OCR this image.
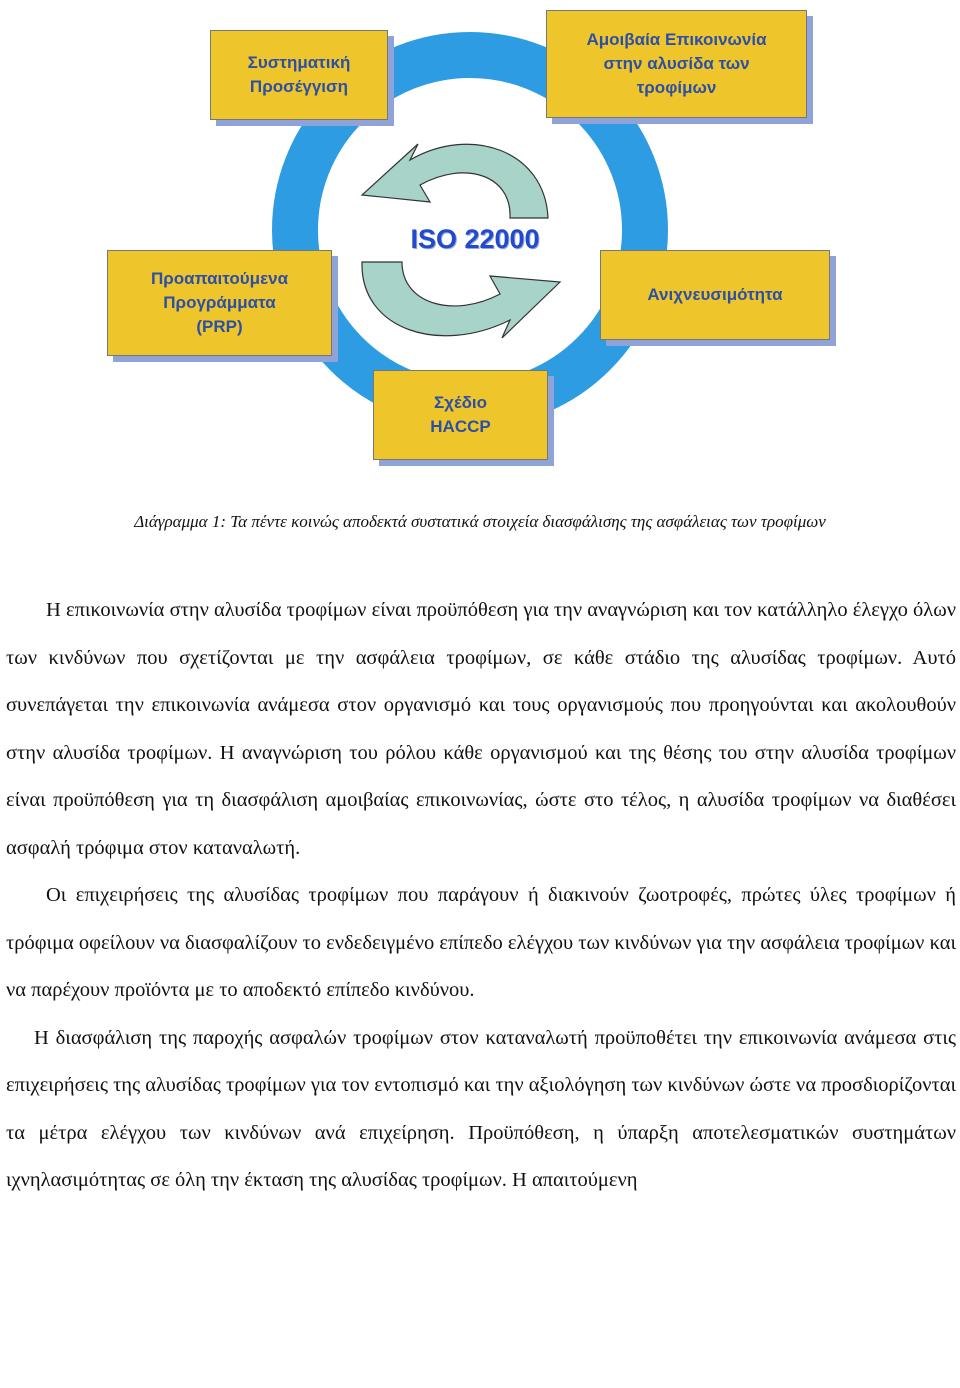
Συστηματική
Προσέγγιση
Αμοιβαία Επικοινωνία
στην αλυσίδα των
τροφίμων
Προαπαιτούμενα
Προγράμματα
(PRP)
Ανιχνευσιμότητα
Σχέδιο
HACCP
ISO 22000
Διάγραμμα 1: Τα πέντε κοινώς αποδεκτά συστατικά στοιχεία διασφάλισης της ασφάλειας των τροφίμων

Η επικοινωνία στην αλυσίδα τροφίμων είναι προϋπόθεση για την αναγνώριση και τον κατάλληλο έλεγχο όλων των κινδύνων που σχετίζονται με την ασφάλεια τροφίμων, σε κάθε στάδιο της αλυσίδας τροφίμων. Αυτό συνεπάγεται την επικοινωνία ανάμεσα στον οργανισμό και τους οργανισμούς που προηγούνται και ακολουθούν στην αλυσίδα τροφίμων. Η αναγνώριση του ρόλου κάθε οργανισμού και της θέσης του στην αλυσίδα τροφίμων είναι προϋπόθεση για τη διασφάλιση αμοιβαίας επικοινωνίας, ώστε στο τέλος, η αλυσίδα τροφίμων να διαθέσει ασφαλή τρόφιμα στον καταναλωτή.

Οι επιχειρήσεις της αλυσίδας τροφίμων που παράγουν ή διακινούν ζωοτροφές, πρώτες ύλες τροφίμων ή τρόφιμα οφείλουν να διασφαλίζουν το ενδεδειγμένο επίπεδο ελέγχου των κινδύνων για την ασφάλεια τροφίμων και να παρέχουν προϊόντα με το αποδεκτό επίπεδο κινδύνου.

Η διασφάλιση της παροχής ασφαλών τροφίμων στον καταναλωτή προϋποθέτει την επικοινωνία ανάμεσα στις επιχειρήσεις της αλυσίδας τροφίμων για τον εντοπισμό και την αξιολόγηση των κινδύνων ώστε να προσδιορίζονται τα μέτρα ελέγχου των κινδύνων ανά επιχείρηση. Προϋπόθεση, η ύπαρξη αποτελεσματικών συστημάτων ιχνηλασιμότητας σε όλη την έκταση της αλυσίδας τροφίμων. Η απαιτούμενη
